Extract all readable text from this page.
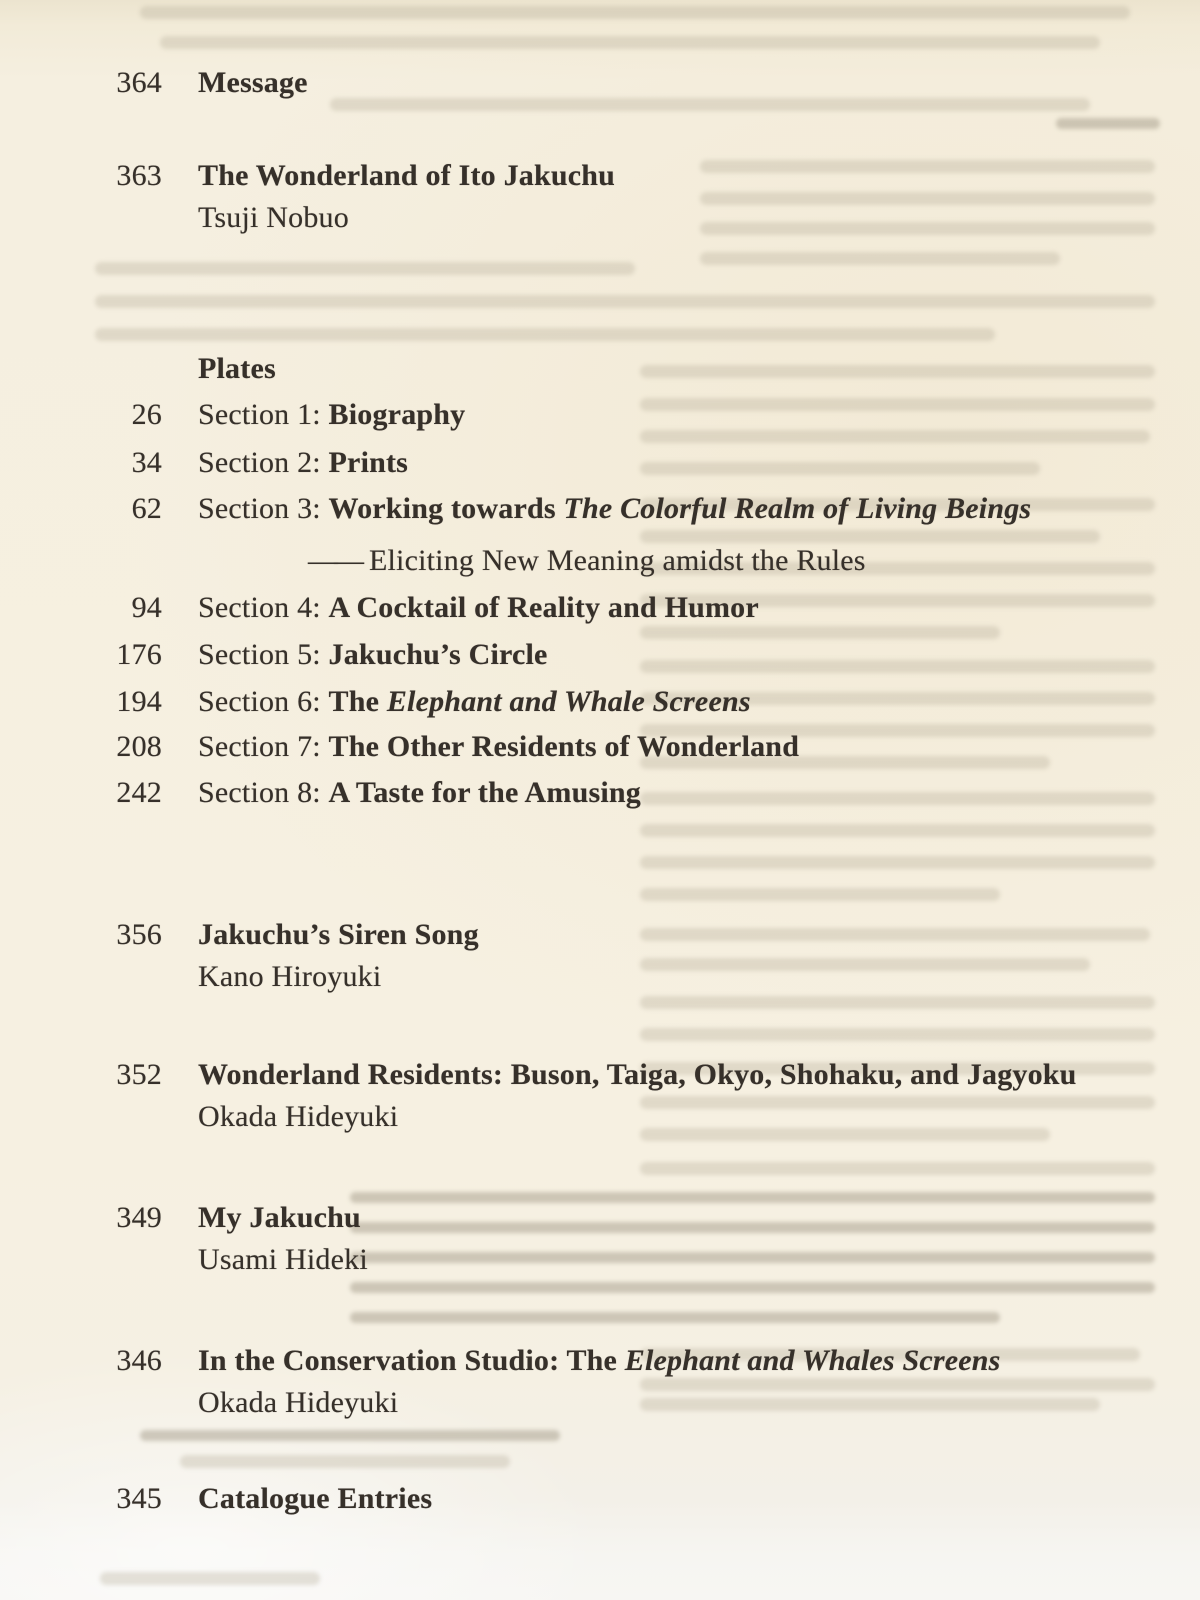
364 Message
363 The Wonderland of Ito Jakuchu
Tsuji Nobuo
Plates
26 Section 1: Biography
34 Section 2: Prints
62 Section 3: Working towards The Colorful Realm of Living Beings
—— Eliciting New Meaning amidst the Rules
94 Section 4: A Cocktail of Reality and Humor
176 Section 5: Jakuchu’s Circle
194 Section 6: The Elephant and Whale Screens
208 Section 7: The Other Residents of Wonderland
242 Section 8: A Taste for the Amusing
356 Jakuchu’s Siren Song
Kano Hiroyuki
352 Wonderland Residents: Buson, Taiga, Okyo, Shohaku, and Jagyoku
Okada Hideyuki
349 My Jakuchu
Usami Hideki
346 In the Conservation Studio: The Elephant and Whales Screens
Okada Hideyuki
345 Catalogue Entries
